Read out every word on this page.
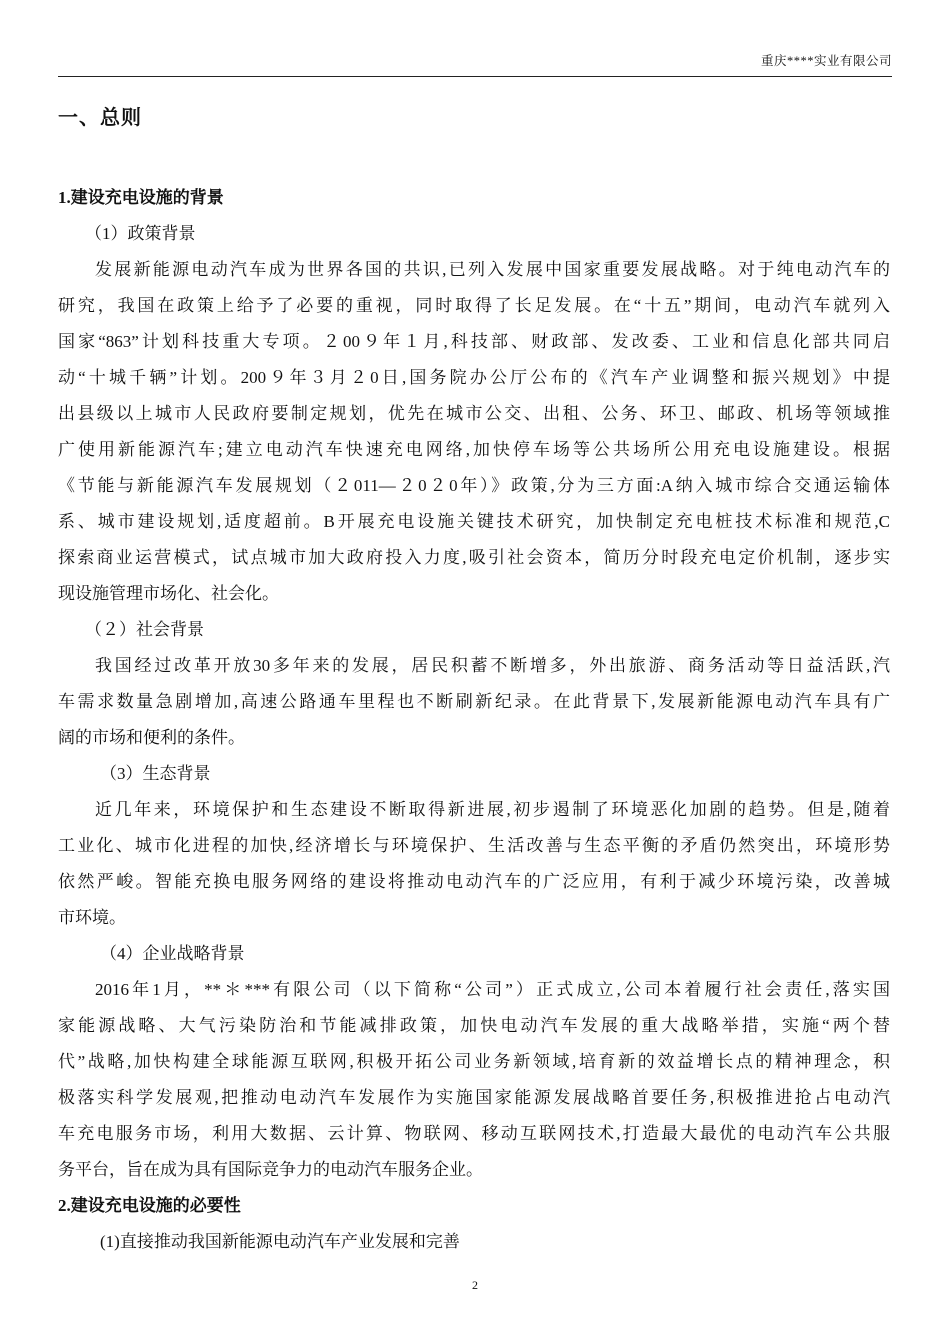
重庆****实业有限公司
一、总则
1.建设充电设施的背景
（1）政策背景
发展新能源电动汽车成为世界各国的共识,已列入发展中国家重要发展战略。对于纯电动汽车的
研究，我国在政策上给予了必要的重视，同时取得了长足发展。在“十五”期间，电动汽车就列入
国家“863”计划科技重大专项。２00９年１月,科技部、财政部、发改委、工业和信息化部共同启
动“十城千辆”计划。200９年３月２0日,国务院办公厅公布的《汽车产业调整和振兴规划》中提
出县级以上城市人民政府要制定规划，优先在城市公交、出租、公务、环卫、邮政、机场等领域推
广使用新能源汽车;建立电动汽车快速充电网络,加快停车场等公共场所公用充电设施建设。根据
《节能与新能源汽车发展规划（２011—２0２0年）》政策,分为三方面:A纳入城市综合交通运输体
系、城市建设规划,适度超前。B开展充电设施关键技术研究，加快制定充电桩技术标准和规范,C
探索商业运营模式，试点城市加大政府投入力度,吸引社会资本，简历分时段充电定价机制，逐步实
现设施管理市场化、社会化。
（２）社会背景
我国经过改革开放30多年来的发展，居民积蓄不断增多，外出旅游、商务活动等日益活跃,汽
车需求数量急剧增加,高速公路通车里程也不断刷新纪录。在此背景下,发展新能源电动汽车具有广
阔的市场和便利的条件。
（3）生态背景
近几年来，环境保护和生态建设不断取得新进展,初步遏制了环境恶化加剧的趋势。但是,随着
工业化、城市化进程的加快,经济增长与环境保护、生活改善与生态平衡的矛盾仍然突出，环境形势
依然严峻。智能充换电服务网络的建设将推动电动汽车的广泛应用，有利于减少环境污染，改善城
市环境。
（4）企业战略背景
2016年1月，**＊***有限公司（以下简称“公司”）正式成立,公司本着履行社会责任,落实国
家能源战略、大气污染防治和节能减排政策，加快电动汽车发展的重大战略举措，实施“两个替
代”战略,加快构建全球能源互联网,积极开拓公司业务新领域,培育新的效益增长点的精神理念，积
极落实科学发展观,把推动电动汽车发展作为实施国家能源发展战略首要任务,积极推进抢占电动汽
车充电服务市场，利用大数据、云计算、物联网、移动互联网技术,打造最大最优的电动汽车公共服
务平台，旨在成为具有国际竞争力的电动汽车服务企业。
2.建设充电设施的必要性
(1)直接推动我国新能源电动汽车产业发展和完善
2
